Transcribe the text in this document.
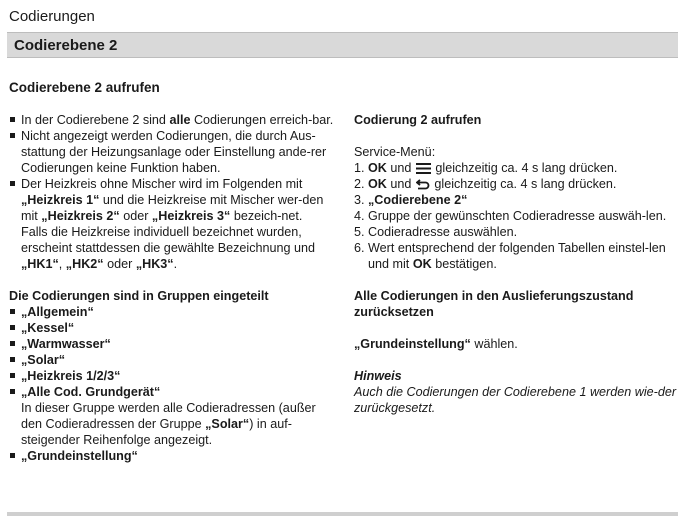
Codierungen
Codierebene 2
Codierebene 2 aufrufen
In der Codierebene 2 sind alle Codierungen erreich-bar.
Nicht angezeigt werden Codierungen, die durch Aus-stattung der Heizungsanlage oder Einstellung ande-rer Codierungen keine Funktion haben.
Der Heizkreis ohne Mischer wird im Folgenden mit „Heizkreis 1“ und die Heizkreise mit Mischer wer-den mit „Heizkreis 2“ oder „Heizkreis 3“ bezeich-net.
Falls die Heizkreise individuell bezeichnet wurden, erscheint stattdessen die gewählte Bezeichnung und „HK1“, „HK2“ oder „HK3“.
Die Codierungen sind in Gruppen eingeteilt
„Allgemein“
„Kessel“
„Warmwasser“
„Solar“
„Heizkreis 1/2/3“
„Alle Cod. Grundgerät“
In dieser Gruppe werden alle Codieradressen (außer den Codieradressen der Gruppe „Solar“) in auf-steigender Reihenfolge angezeigt.
„Grundeinstellung“
Codierung 2 aufrufen
Service-Menü:
1. OK und  gleichzeitig ca. 4 s lang drücken.
2. OK und  gleichzeitig ca. 4 s lang drücken.
3. „Codierebene 2“
4. Gruppe der gewünschten Codieradresse auswäh-len.
5. Codieradresse auswählen.
6. Wert entsprechend der folgenden Tabellen einstel-len und mit OK bestätigen.
Alle Codierungen in den Auslieferungszustand zurücksetzen
„Grundeinstellung“ wählen.
Hinweis
Auch die Codierungen der Codierebene 1 werden wie-der zurückgesetzt.
